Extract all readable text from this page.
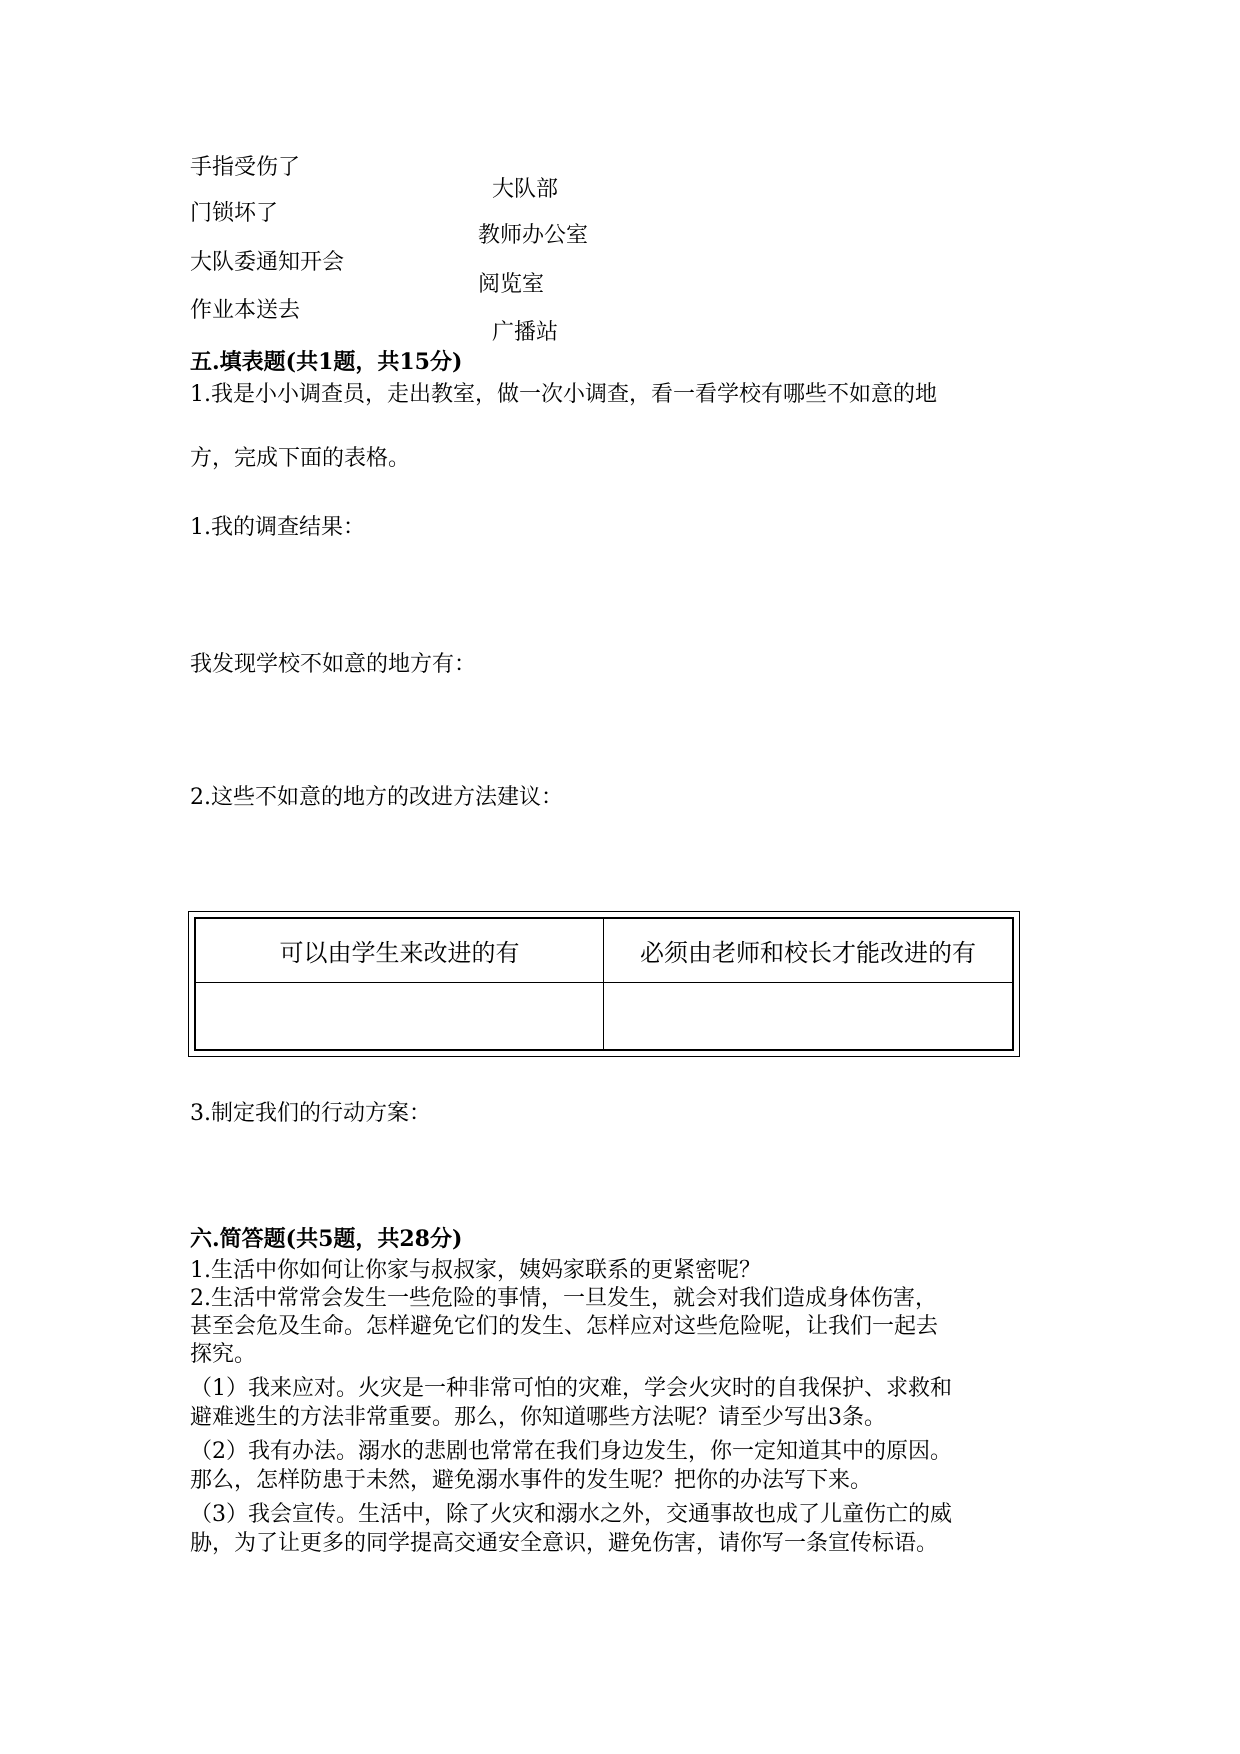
手指受伤了

大队部

门锁坏了

教师办公室

大队委通知开会

阅览室

作业本送去

广播站

五.填表题(共1题，共15分)

1.我是小小调查员，走出教室，做一次小调查，看一看学校有哪些不如意的地

方，完成下面的表格。

1.我的调查结果：

我发现学校不如意的地方有：

2.这些不如意的地方的改进方法建议：

可以由学生来改进的有	必须由老师和校长才能改进的有

3.制定我们的行动方案：

六.简答题(共5题，共28分)

1.生活中你如何让你家与叔叔家，姨妈家联系的更紧密呢？

2.生活中常常会发生一些危险的事情，一旦发生，就会对我们造成身体伤害，

甚至会危及生命。怎样避免它们的发生、怎样应对这些危险呢，让我们一起去

探究。

（1）我来应对。火灾是一种非常可怕的灾难，学会火灾时的自我保护、求救和

避难逃生的方法非常重要。那么，你知道哪些方法呢？请至少写出3条。

（2）我有办法。溺水的悲剧也常常在我们身边发生，你一定知道其中的原因。

那么，怎样防患于未然，避免溺水事件的发生呢？把你的办法写下来。

（3）我会宣传。生活中，除了火灾和溺水之外，交通事故也成了儿童伤亡的威

胁，为了让更多的同学提高交通安全意识，避免伤害，请你写一条宣传标语。
